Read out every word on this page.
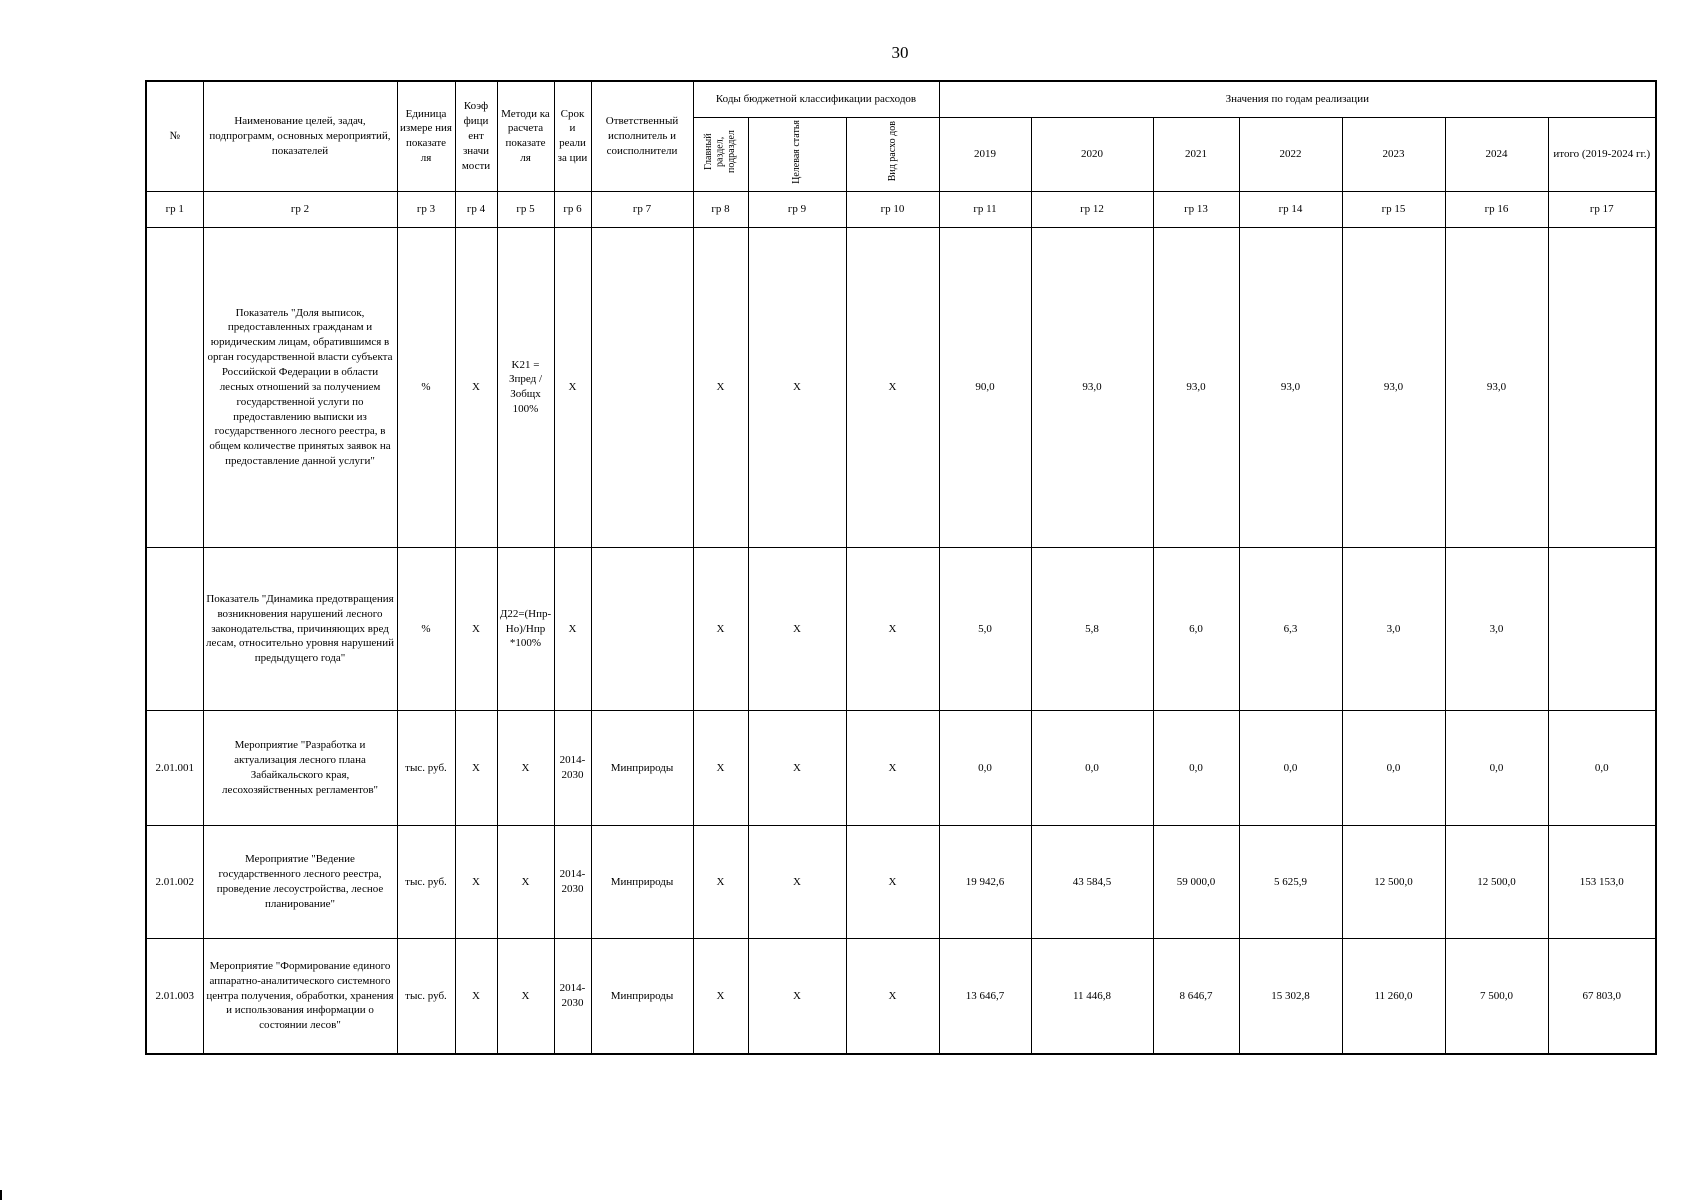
30
№	Наименование целей, задач, подпрограмм, основных мероприятий, показателей	Единица измере ния показате ля	Коэф фици ент значи мости	Методи ка расчета показате ля	Срок и реали за ции	Ответственный исполнитель и соисполнители	Коды бюджетной классификации расходов			Значения по годам реализации						
							Главный раздел, подраздел	Целевая статья	Вид расхо дов	2019	2020	2021	2022	2023	2024	итого (2019-2024 гг.)
гр 1	гр 2	гр 3	гр 4	гр 5	гр 6	гр 7	гр 8	гр 9	гр 10	гр 11	гр 12	гр 13	гр 14	гр 15	гр 16	гр 17
	Показатель "Доля выписок, предоставленных гражданам и юридическим лицам, обратившимся в орган государственной власти субъекта Российской Федерации в области лесных отношений за получением государственной услуги по предоставлению выписки из государственного лесного реестра, в общем количестве принятых заявок на предоставление данной услуги"	%	X	K21 = Зпред /Зобщх 100%	X		X	X	X	90,0	93,0	93,0	93,0	93,0	93,0	
	Показатель "Динамика предотвращения возникновения нарушений лесного законодательства, причиняющих вред лесам, относительно уровня нарушений предыдущего года"	%	X	Д22=(Нпр- Но)/Нпр *100%	X		X	X	X	5,0	5,8	6,0	6,3	3,0	3,0	
2.01.001	Мероприятие "Разработка и актуализация лесного плана Забайкальского края, лесохозяйственных регламентов"	тыс. руб.	X	X	2014-2030	Минприроды	X	X	X	0,0	0,0	0,0	0,0	0,0	0,0	0,0
2.01.002	Мероприятие "Ведение государственного лесного реестра, проведение лесоустройства, лесное планирование"	тыс. руб.	X	X	2014-2030	Минприроды	X	X	X	19 942,6	43 584,5	59 000,0	5 625,9	12 500,0	12 500,0	153 153,0
2.01.003	Мероприятие "Формирование единого аппаратно-аналитического системного центра получения, обработки, хранения и использования информации о состоянии лесов"	тыс. руб.	X	X	2014-2030	Минприроды	X	X	X	13 646,7	11 446,8	8 646,7	15 302,8	11 260,0	7 500,0	67 803,0
